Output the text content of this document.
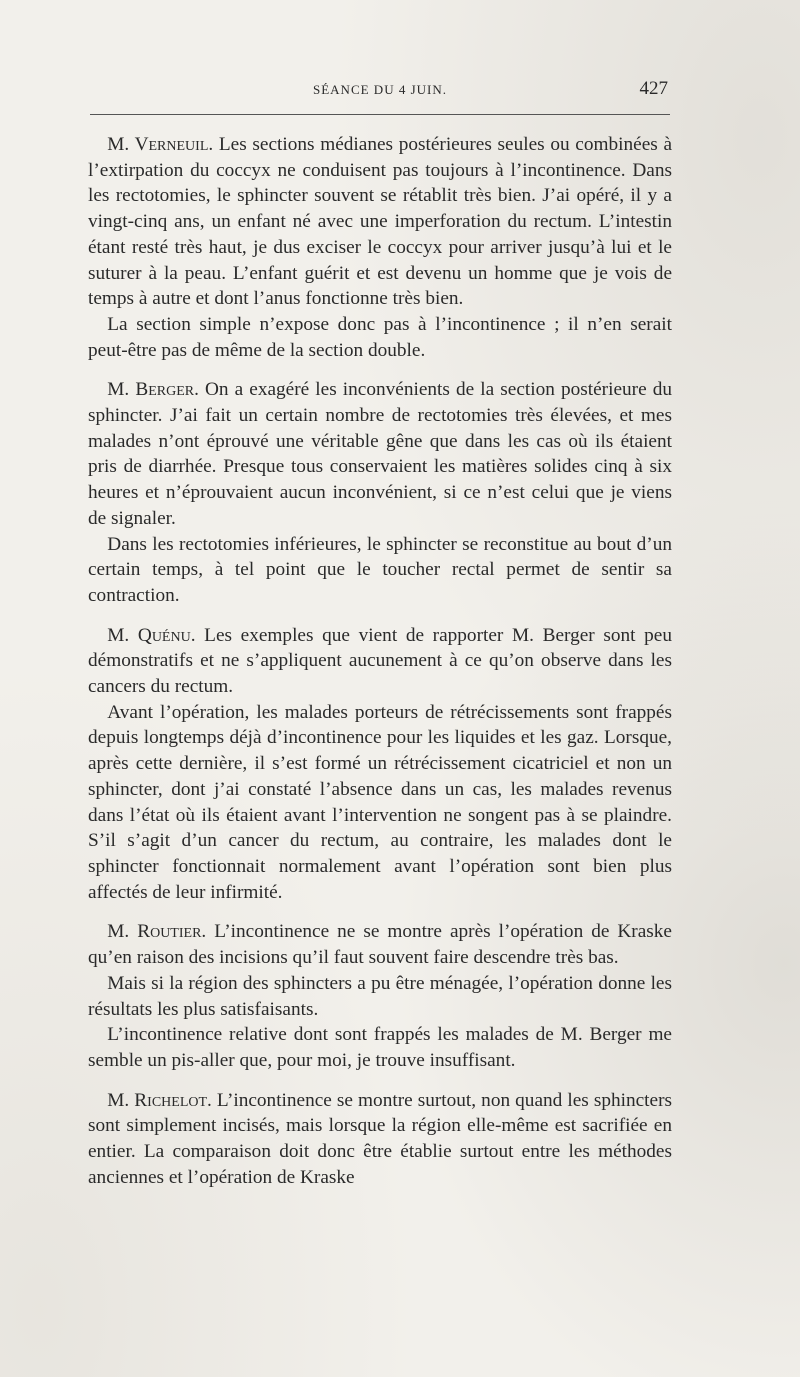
SÉANCE DU 4 JUIN.	427

 M. Verneuil. Les sections médianes postérieures seules ou combinées à l’extirpation du coccyx ne conduisent pas toujours à l’incontinence. Dans les rectotomies, le sphincter souvent se rétablit très bien. J’ai opéré, il y a vingt-cinq ans, un enfant né avec une imperforation du rectum. L’intestin étant resté très haut, je dus exciser le coccyx pour arriver jusqu’à lui et le suturer à la peau. L’enfant guérit et est devenu un homme que je vois de temps à autre et dont l’anus fonctionne très bien.

 La section simple n’expose donc pas à l’incontinence ; il n’en serait peut-être pas de même de la section double.

 M. Berger. On a exagéré les inconvénients de la section postérieure du sphincter. J’ai fait un certain nombre de rectotomies très élevées, et mes malades n’ont éprouvé une véritable gêne que dans les cas où ils étaient pris de diarrhée. Presque tous conservaient les matières solides cinq à six heures et n’éprouvaient aucun inconvénient, si ce n’est celui que je viens de signaler.

 Dans les rectotomies inférieures, le sphincter se reconstitue au bout d’un certain temps, à tel point que le toucher rectal permet de sentir sa contraction.

 M. Quénu. Les exemples que vient de rapporter M. Berger sont peu démonstratifs et ne s’appliquent aucunement à ce qu’on observe dans les cancers du rectum.

 Avant l’opération, les malades porteurs de rétrécissements sont frappés depuis longtemps déjà d’incontinence pour les liquides et les gaz. Lorsque, après cette dernière, il s’est formé un rétrécissement cicatriciel et non un sphincter, dont j’ai constaté l’absence dans un cas, les malades revenus dans l’état où ils étaient avant l’intervention ne songent pas à se plaindre. S’il s’agit d’un cancer du rectum, au contraire, les malades dont le sphincter fonctionnait normalement avant l’opération sont bien plus affectés de leur infirmité.

 M. Routier. L’incontinence ne se montre après l’opération de Kraske qu’en raison des incisions qu’il faut souvent faire descendre très bas.

 Mais si la région des sphincters a pu être ménagée, l’opération donne les résultats les plus satisfaisants.

 L’incontinence relative dont sont frappés les malades de M. Berger me semble un pis-aller que, pour moi, je trouve insuffisant.

 M. Richelot. L’incontinence se montre surtout, non quand les sphincters sont simplement incisés, mais lorsque la région elle-même est sacrifiée en entier. La comparaison doit donc être établie surtout entre les méthodes anciennes et l’opération de Kraske
